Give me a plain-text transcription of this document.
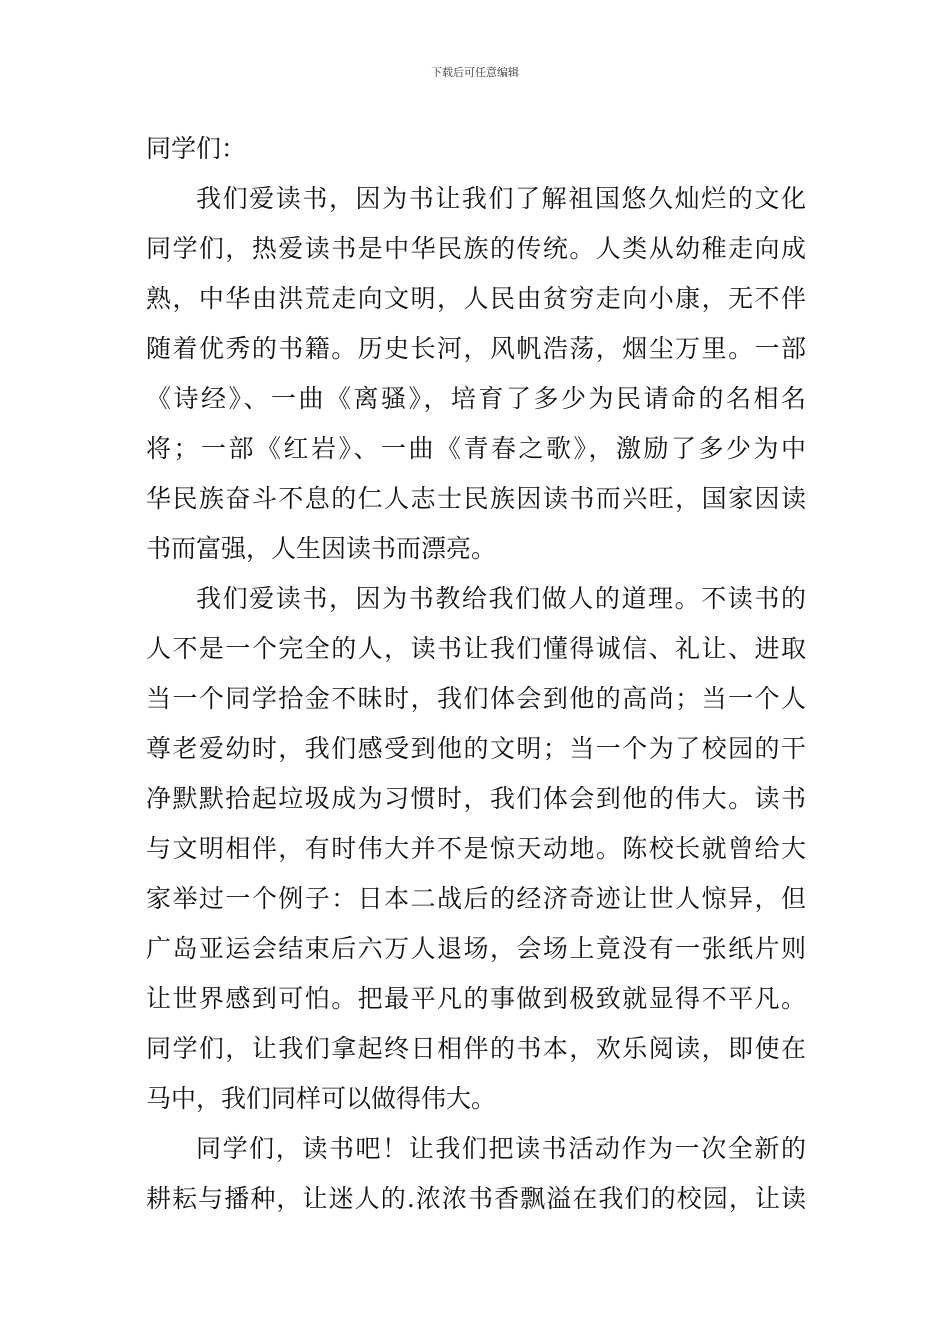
下载后可任意编辑
同学们：
我们爱读书，因为书让我们了解祖国悠久灿烂的文化
同学们，热爱读书是中华民族的传统。人类从幼稚走向成
熟，中华由洪荒走向文明，人民由贫穷走向小康，无不伴
随着优秀的书籍。历史长河，风帆浩荡，烟尘万里。一部
《诗经》、一曲《离骚》，培育了多少为民请命的名相名
将；一部《红岩》、一曲《青春之歌》，激励了多少为中
华民族奋斗不息的仁人志士民族因读书而兴旺，国家因读
书而富强，人生因读书而漂亮。
我们爱读书，因为书教给我们做人的道理。不读书的
人不是一个完全的人，读书让我们懂得诚信、礼让、进取
当一个同学拾金不昧时，我们体会到他的高尚；当一个人
尊老爱幼时，我们感受到他的文明；当一个为了校园的干
净默默拾起垃圾成为习惯时，我们体会到他的伟大。读书
与文明相伴，有时伟大并不是惊天动地。陈校长就曾给大
家举过一个例子：日本二战后的经济奇迹让世人惊异，但
广岛亚运会结束后六万人退场，会场上竟没有一张纸片则
让世界感到可怕。把最平凡的事做到极致就显得不平凡。
同学们，让我们拿起终日相伴的书本，欢乐阅读，即使在
马中，我们同样可以做得伟大。
同学们，读书吧！让我们把读书活动作为一次全新的
耕耘与播种，让迷人的.浓浓书香飘溢在我们的校园，让读
